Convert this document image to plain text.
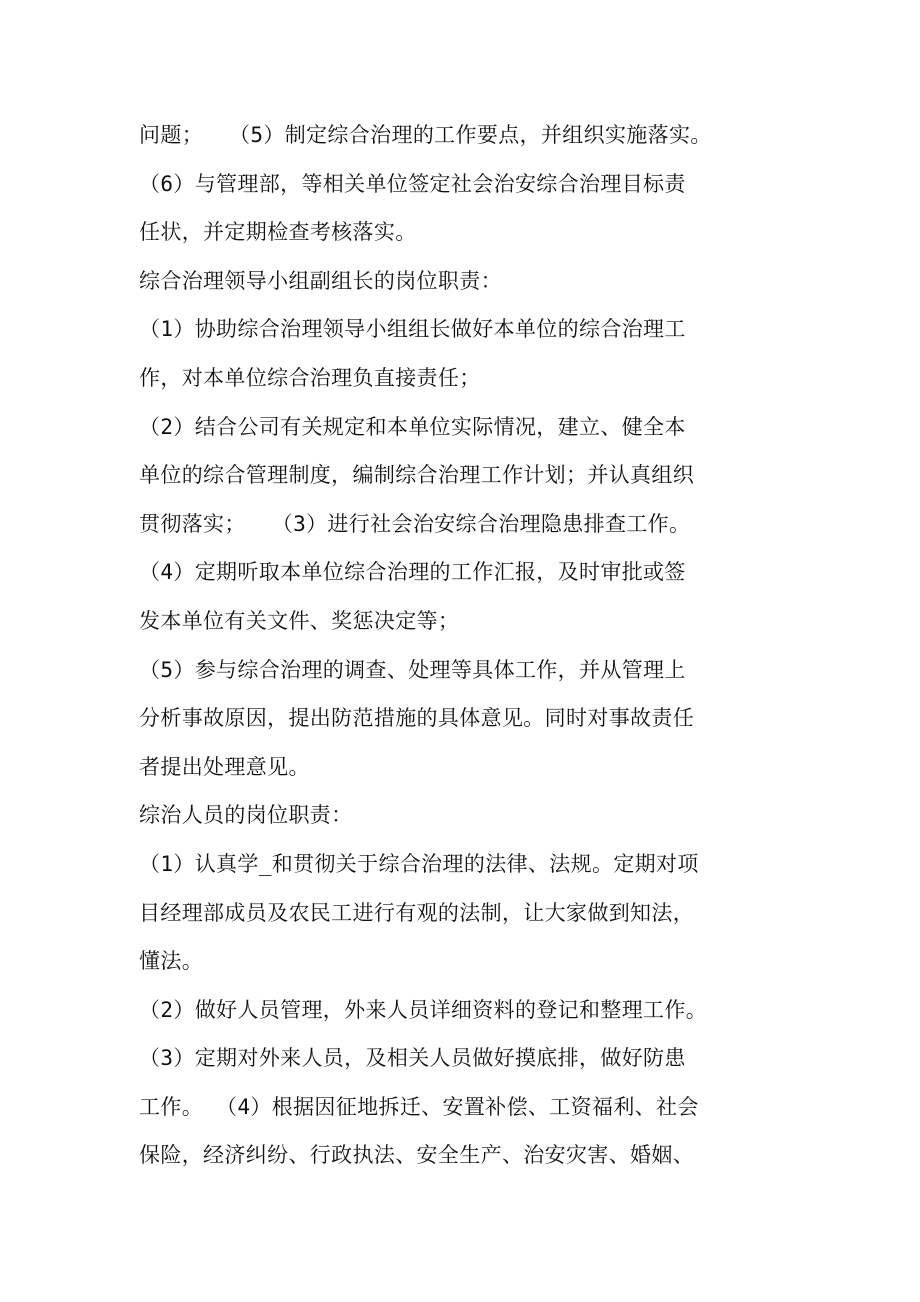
问题；  （5）制定综合治理的工作要点，并组织实施落实。
（6）与管理部，等相关单位签定社会治安综合治理目标责
任状，并定期检查考核落实。
综合治理领导小组副组长的岗位职责：
（1）协助综合治理领导小组组长做好本单位的综合治理工
作，对本单位综合治理负直接责任；
（2）结合公司有关规定和本单位实际情况，建立、健全本
单位的综合管理制度，编制综合治理工作计划；并认真组织
贯彻落实；  （3）进行社会治安综合治理隐患排查工作。
（4）定期听取本单位综合治理的工作汇报，及时审批或签
发本单位有关文件、奖惩决定等；
（5）参与综合治理的调查、处理等具体工作，并从管理上
分析事故原因，提出防范措施的具体意见。同时对事故责任
者提出处理意见。
综治人员的岗位职责：
（1）认真学_和贯彻关于综合治理的法律、法规。定期对项
目经理部成员及农民工进行有观的法制，让大家做到知法，
懂法。
（2）做好人员管理，外来人员详细资料的登记和整理工作。
（3）定期对外来人员，及相关人员做好摸底排，做好防患
工作。 （4）根据因征地拆迁、安置补偿、工资福利、社会
保险，经济纠纷、行政执法、安全生产、治安灾害、婚姻、
